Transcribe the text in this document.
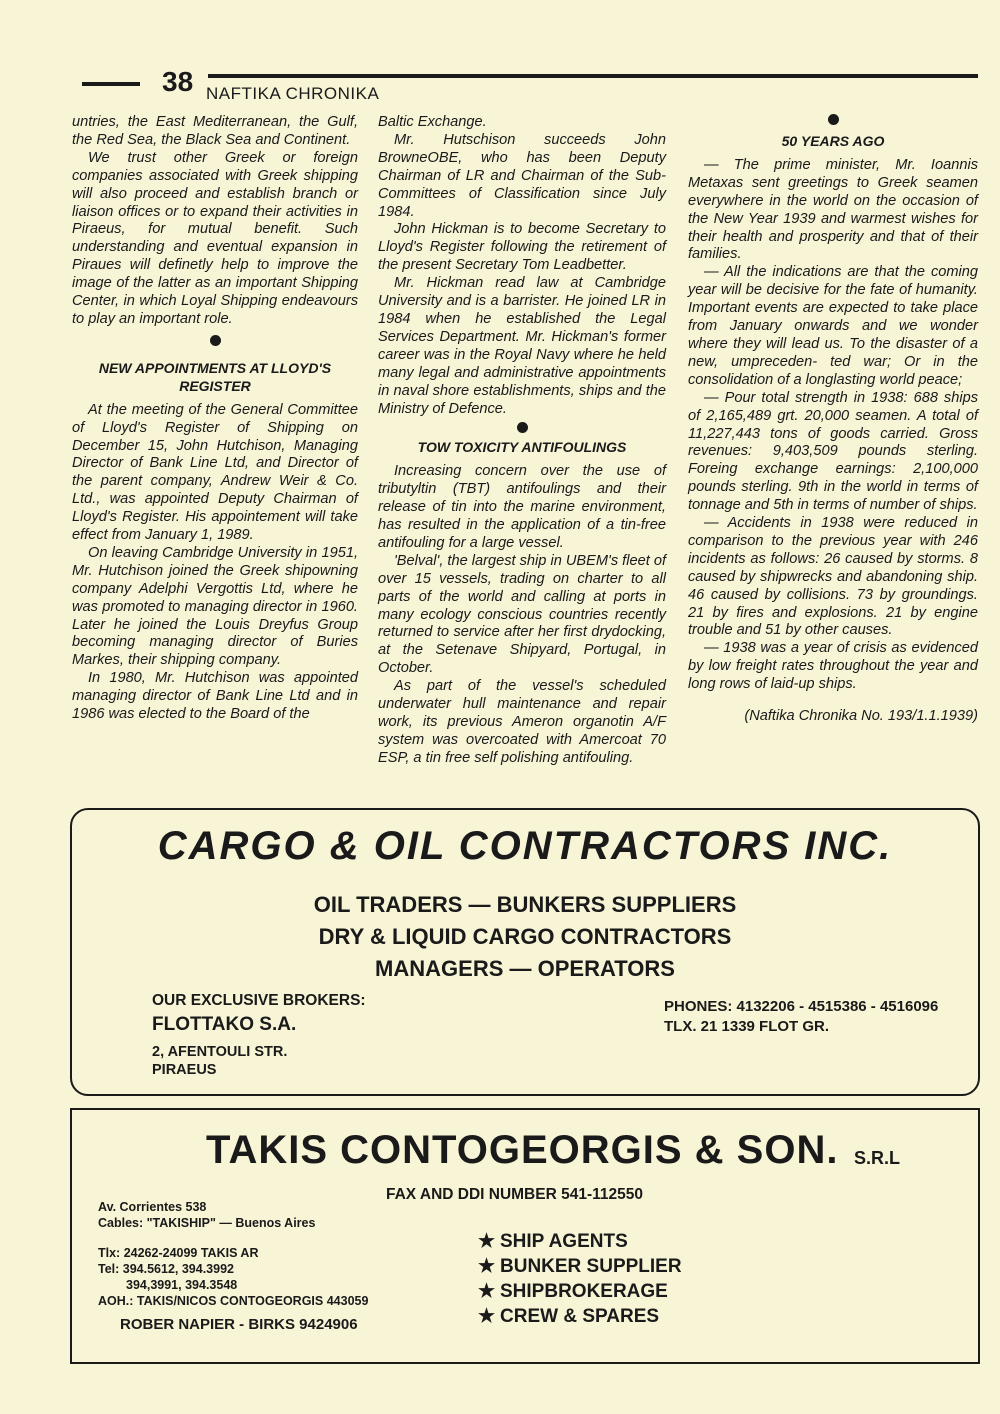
38 NAFTIKA CHRONIKA

untries, the East Mediterranean, the Gulf, the Red Sea, the Black Sea and Continent.

We trust other Greek or foreign companies associated with Greek shipping will also proceed and establish branch or liaison offices or to expand their activities in Piraeus, for mutual benefit. Such understanding and eventual expansion in Piraues will definetly help to improve the image of the latter as an important Shipping Center, in which Loyal Shipping endeavours to play an important role.

NEW APPOINTMENTS AT LLOYD'S REGISTER

At the meeting of the General Committee of Lloyd's Register of Shipping on December 15, John Hutchison, Managing Director of Bank Line Ltd, and Director of the parent company, Andrew Weir & Co. Ltd., was appointed Deputy Chairman of Lloyd's Register. His appointement will take effect from January 1, 1989.

On leaving Cambridge University in 1951, Mr. Hutchison joined the Greek shipowning company Adelphi Vergottis Ltd, where he was promoted to managing director in 1960. Later he joined the Louis Dreyfus Group becoming managing director of Buries Markes, their shipping company.

In 1980, Mr. Hutchison was appointed managing director of Bank Line Ltd and in 1986 was elected to the Board of the

Baltic Exchange.

Mr. Hutschison succeeds John BrowneOBE, who has been Deputy Chairman of LR and Chairman of the Sub-Committees of Classification since July 1984.

John Hickman is to become Secretary to Lloyd's Register following the retirement of the present Secretary Tom Leadbetter.

Mr. Hickman read law at Cambridge University and is a barrister. He joined LR in 1984 when he established the Legal Services Department. Mr. Hickman's former career was in the Royal Navy where he held many legal and administrative appointments in naval shore establishments, ships and the Ministry of Defence.

TOW TOXICITY ANTIFOULINGS

Increasing concern over the use of tributyltin (TBT) antifoulings and their release of tin into the marine environment, has resulted in the application of a tin-free antifouling for a large vessel.

'Belval', the largest ship in UBEM's fleet of over 15 vessels, trading on charter to all parts of the world and calling at ports in many ecology conscious countries recently returned to service after her first drydocking, at the Setenave Shipyard, Portugal, in October.

As part of the vessel's scheduled underwater hull maintenance and repair work, its previous Ameron organotin A/F system was overcoated with Amercoat 70 ESP, a tin free self polishing antifouling.

50 YEARS AGO

— The prime minister, Mr. Ioannis Metaxas sent greetings to Greek seamen everywhere in the world on the occasion of the New Year 1939 and warmest wishes for their health and prosperity and that of their families.

— All the indications are that the coming year will be decisive for the fate of humanity. Important events are expected to take place from January onwards and we wonder where they will lead us. To the disaster of a new, umpreceden- ted war; Or in the consolidation of a longlasting world peace;

— Pour total strength in 1938: 688 ships of 2,165,489 grt. 20,000 seamen. A total of 11,227,443 tons of goods carried. Gross revenues: 9,403,509 pounds sterling. Foreing exchange earnings: 2,100,000 pounds sterling. 9th in the world in terms of tonnage and 5th in terms of number of ships.

— Accidents in 1938 were reduced in comparison to the previous year with 246 incidents as follows: 26 caused by storms. 8 caused by shipwrecks and abandoning ship. 46 caused by collisions. 73 by groundings. 21 by fires and explosions. 21 by engine trouble and 51 by other causes.

— 1938 was a year of crisis as evidenced by low freight rates throughout the year and long rows of laid-up ships.

(Naftika Chronika No. 193/1.1.1939)
CARGO & OIL CONTRACTORS INC.
OIL TRADERS — BUNKERS SUPPLIERS
DRY & LIQUID CARGO CONTRACTORS
MANAGERS — OPERATORS
OUR EXCLUSIVE BROKERS:
FLOTTAKO S.A.
2, AFENTOULI STR.
PIRAEUS
PHONES: 4132206 - 4515386 - 4516096
TLX. 21 1339 FLOT GR.
TAKIS CONTOGEORGIS & SON. S.R.L
FAX AND DDI NUMBER 541-112550
Av. Corrientes 538
Cables: "TAKISHIP" — Buenos Aires
Tlx: 24262-24099 TAKIS AR
Tel: 394.5612, 394.3992
394,3991, 394.3548
AOH.: TAKIS/NICOS CONTOGEORGIS 443059
ROBER NAPIER - BIRKS 9424906
★ SHIP AGENTS
★ BUNKER SUPPLIER
★ SHIPBROKERAGE
★ CREW & SPARES
